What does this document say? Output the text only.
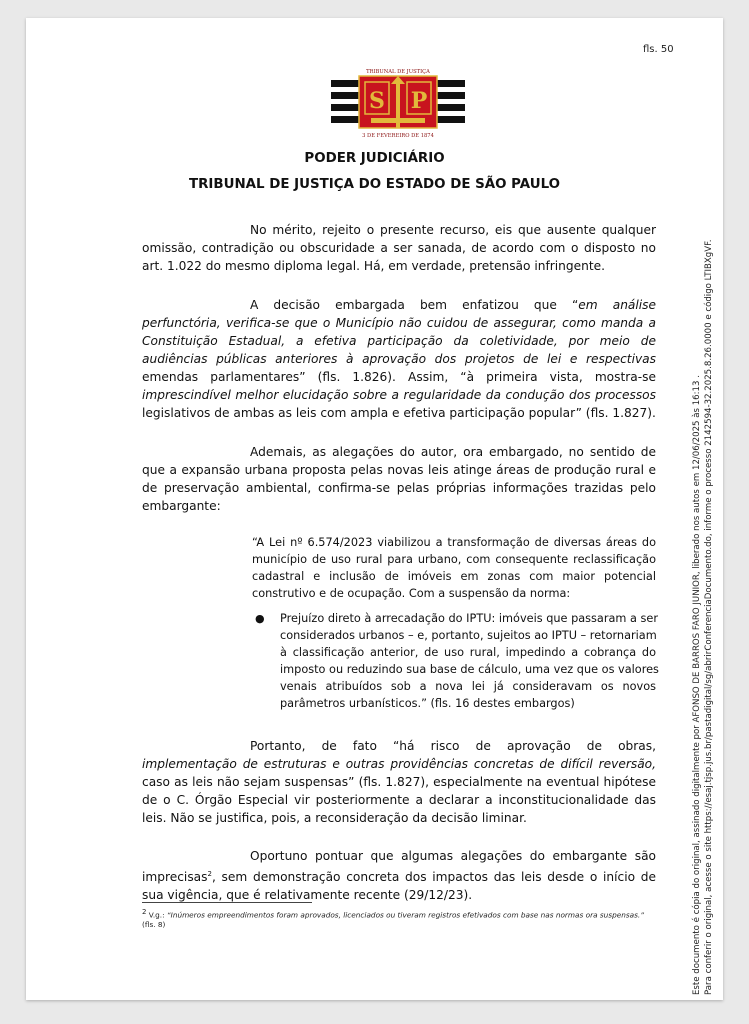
fls. 50
S P
TRIBUNAL DE JUSTIÇA
3 DE FEVEREIRO DE 1874
PODER JUDICIÁRIO
TRIBUNAL DE JUSTIÇA DO ESTADO DE SÃO PAULO
No mérito, rejeito o presente recurso, eis que ausente qualquer
omissão, contradição ou obscuridade a ser sanada, de acordo com o disposto no
art. 1.022 do mesmo diploma legal. Há, em verdade, pretensão infringente.
A decisão embargada bem enfatizou que “em análise
perfunctória, verifica-se que o Município não cuidou de assegurar, como manda a
Constituição Estadual, a efetiva participação da coletividade, por meio de
audiências públicas anteriores à aprovação dos projetos de lei e respectivas
emendas parlamentares” (fls. 1.826). Assim, “à primeira vista, mostra-se
imprescindível melhor elucidação sobre a regularidade da condução dos processos
legislativos de ambas as leis com ampla e efetiva participação popular” (fls. 1.827).
Ademais, as alegações do autor, ora embargado, no sentido de
que a expansão urbana proposta pelas novas leis atinge áreas de produção rural e
de preservação ambiental, confirma-se pelas próprias informações trazidas pelo
embargante:
“A Lei nº 6.574/2023 viabilizou a transformação de diversas áreas do
município de uso rural para urbano, com consequente reclassificação
cadastral e inclusão de imóveis em zonas com maior potencial
construtivo e de ocupação. Com a suspensão da norma:
● Prejuízo direto à arrecadação do IPTU: imóveis que passaram a ser
considerados urbanos – e, portanto, sujeitos ao IPTU – retornariam
à classificação anterior, de uso rural, impedindo a cobrança do
imposto ou reduzindo sua base de cálculo, uma vez que os valores
venais atribuídos sob a nova lei já consideravam os novos
parâmetros urbanísticos.” (fls. 16 destes embargos)
Portanto, de fato “há risco de aprovação de obras,
implementação de estruturas e outras providências concretas de difícil reversão,
caso as leis não sejam suspensas” (fls. 1.827), especialmente na eventual hipótese
de o C. Órgão Especial vir posteriormente a declarar a inconstitucionalidade das
leis. Não se justifica, pois, a reconsideração da decisão liminar.
Oportuno pontuar que algumas alegações do embargante são
imprecisas$^2$, sem demonstração concreta dos impactos das leis desde o início de
sua vigência, que é relativamente recente (29/12/23).
$^2$ V.g.: “Inúmeros empreendimentos foram aprovados, licenciados ou tiveram registros efetivados com base nas normas ora suspensas.” (fls. 8)	Este documento é cópia do original, assinado digitalmente por AFONSO DE BARROS FARO JUNIOR, liberado nos autos em 12/06/2025 às 16:13 . Para conferir o original, acesse o site https://esaj.tjsp.jus.br/pastadigital/sg/abrirConferenciaDocumento.do, informe o processo 2142594-32.2025.8.26.0000 e código LTIBXgVF.
